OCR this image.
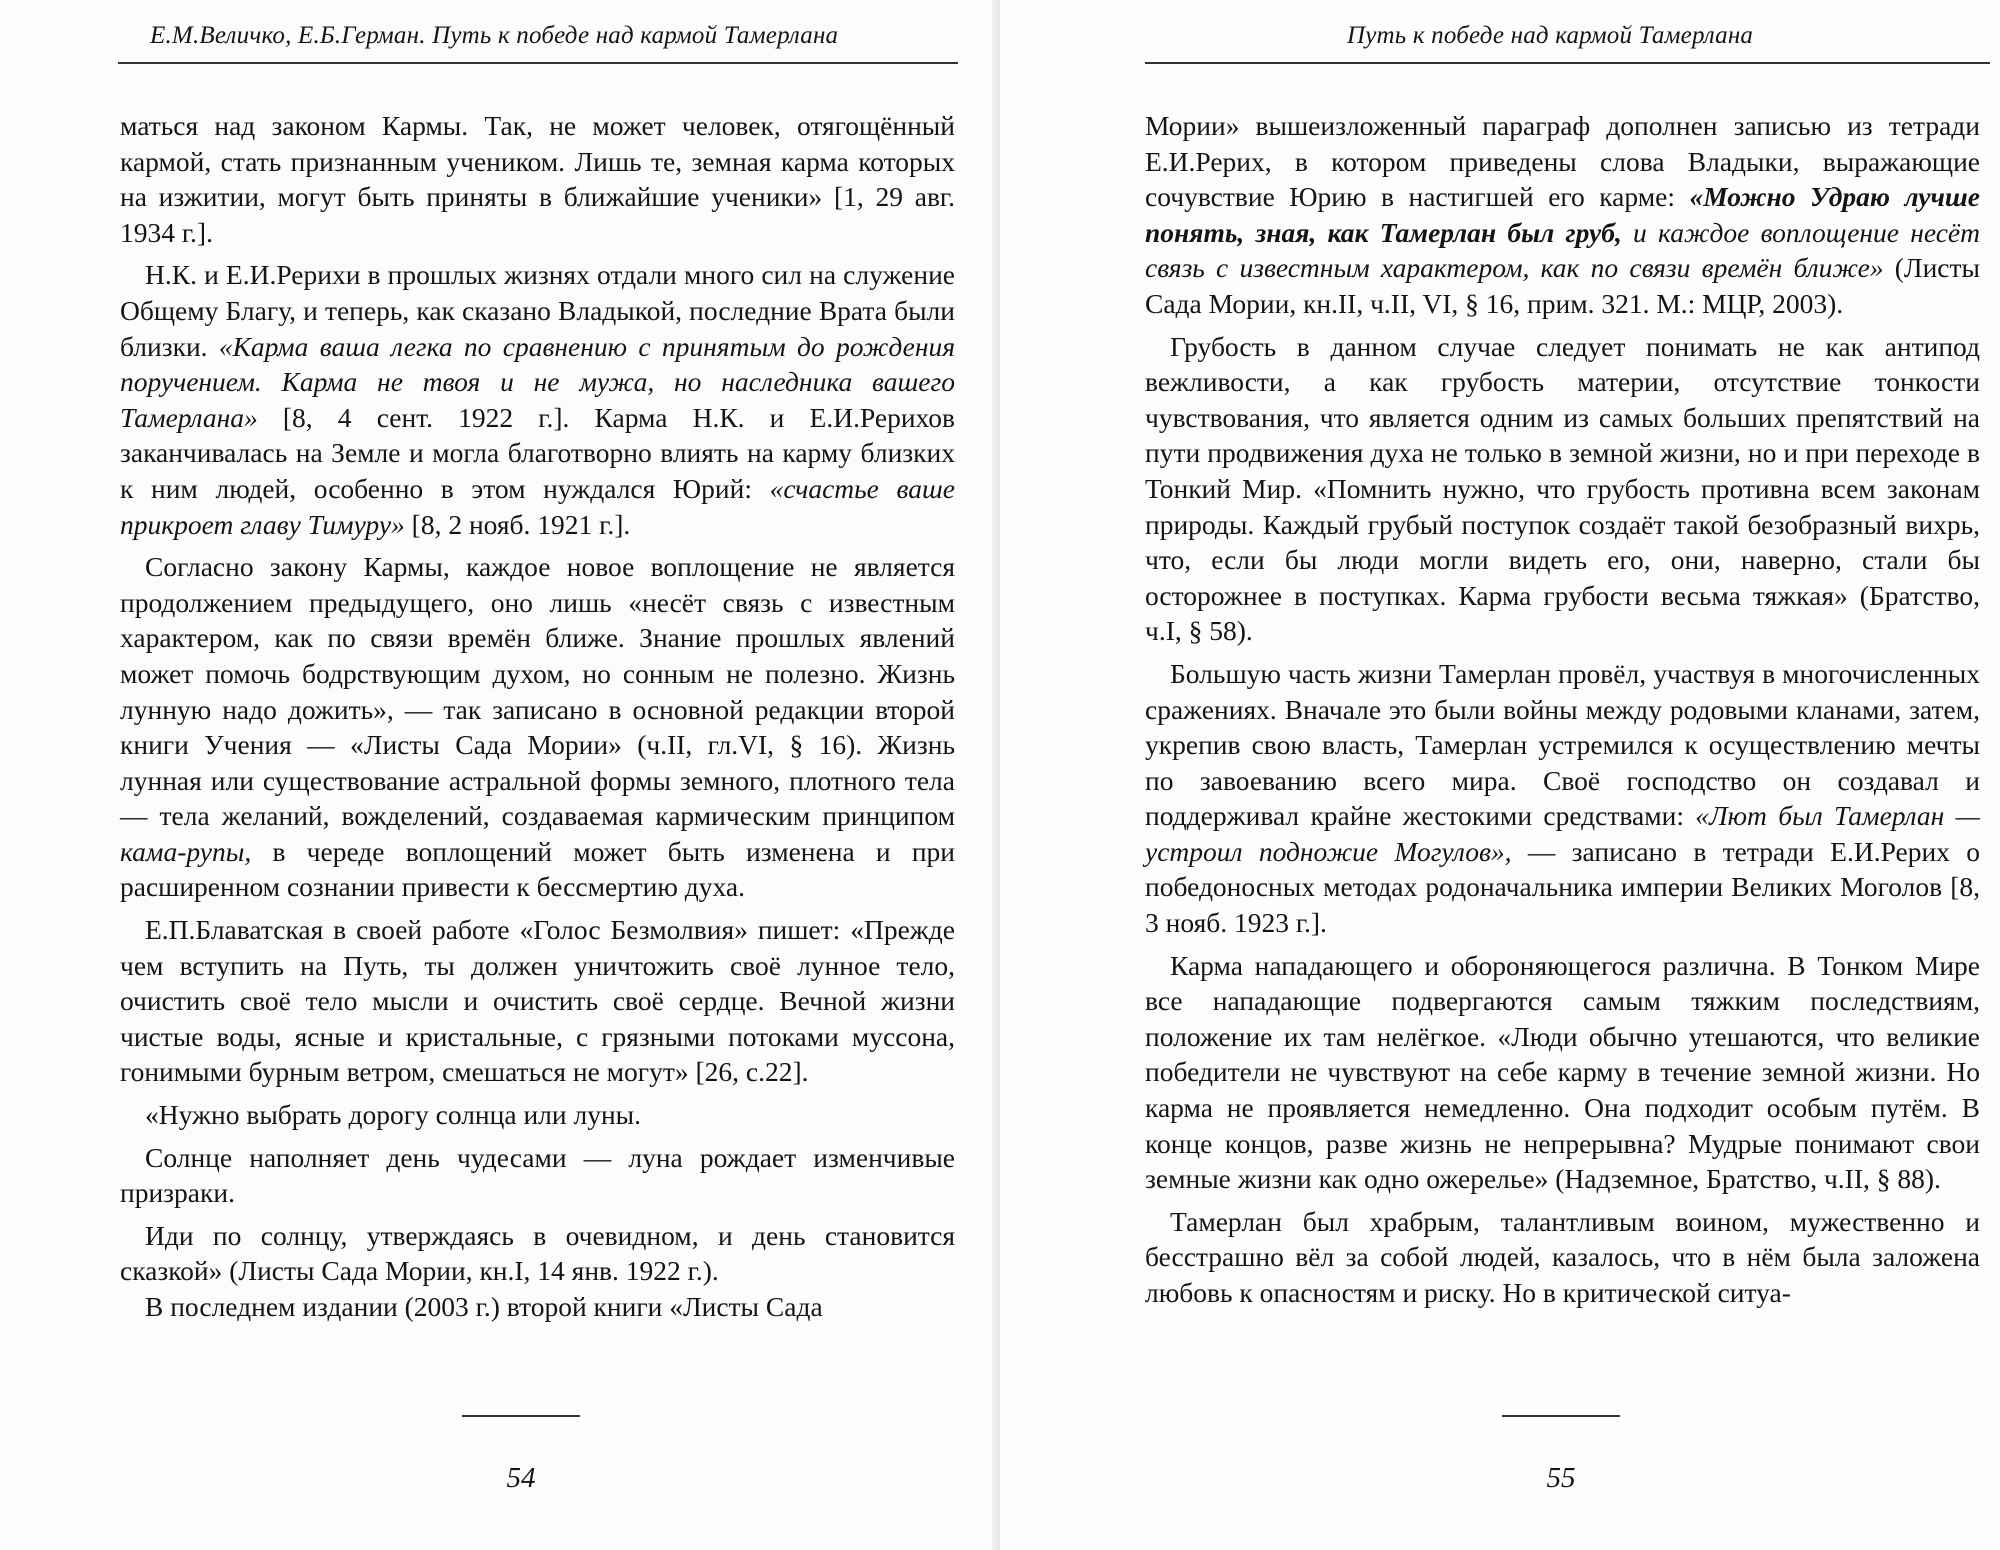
Е.М.Величко, Е.Б.Герман. Путь к победе над кармой Тамерлана

маться над законом Кармы. Так, не может человек, отягощённый кармой, стать признанным учеником. Лишь те, земная карма которых на изжитии, могут быть приняты в ближайшие ученики» [1, 29 авг. 1934 г.].

Н.К. и Е.И.Рерихи в прошлых жизнях отдали много сил на служение Общему Благу, и теперь, как сказано Владыкой, последние Врата были близки. «Карма ваша легка по сравнению с принятым до рождения поручением. Карма не твоя и не мужа, но наследника вашего Тамерлана» [8, 4 сент. 1922 г.]. Карма Н.К. и Е.И.Рерихов заканчивалась на Земле и могла благотворно влиять на карму близких к ним людей, особенно в этом нуждался Юрий: «счастье ваше прикроет главу Тимуру» [8, 2 нояб. 1921 г.].

Согласно закону Кармы, каждое новое воплощение не является продолжением предыдущего, оно лишь «несёт связь с известным характером, как по связи времён ближе. Знание прошлых явлений может помочь бодрствующим духом, но сонным не полезно. Жизнь лунную надо дожить», — так записано в основной редакции второй книги Учения — «Листы Сада Мории» (ч.II, гл.VI, § 16). Жизнь лунная или существование астральной формы земного, плотного тела — тела желаний, вожделений, создаваемая кармическим принципом кама-рупы, в череде воплощений может быть изменена и при расширенном сознании привести к бессмертию духа.

Е.П.Блаватская в своей работе «Голос Безмолвия» пишет: «Прежде чем вступить на Путь, ты должен уничтожить своё лунное тело, очистить своё тело мысли и очистить своё сердце. Вечной жизни чистые воды, ясные и кристальные, с грязными потоками муссона, гонимыми бурным ветром, смешаться не могут» [26, с.22].

«Нужно выбрать дорогу солнца или луны.

Солнце наполняет день чудесами — луна рождает изменчивые призраки.

Иди по солнцу, утверждаясь в очевидном, и день становится сказкой» (Листы Сада Мории, кн.I, 14 янв. 1922 г.).

В последнем издании (2003 г.) второй книги «Листы Сада

54
Путь к победе над кармой Тамерлана

Мории» вышеизложенный параграф дополнен записью из тетради Е.И.Рерих, в котором приведены слова Владыки, выражающие сочувствие Юрию в настигшей его карме: «Можно Удраю лучше понять, зная, как Тамерлан был груб, и каждое воплощение несёт связь с известным характером, как по связи времён ближе» (Листы Сада Мории, кн.II, ч.II, VI, § 16, прим. 321. М.: МЦР, 2003).

Грубость в данном случае следует понимать не как антипод вежливости, а как грубость материи, отсутствие тонкости чувствования, что является одним из самых больших препятствий на пути продвижения духа не только в земной жизни, но и при переходе в Тонкий Мир. «Помнить нужно, что грубость противна всем законам природы. Каждый грубый поступок создаёт такой безобразный вихрь, что, если бы люди могли видеть его, они, наверно, стали бы осторожнее в поступках. Карма грубости весьма тяжкая» (Братство, ч.I, § 58).

Большую часть жизни Тамерлан провёл, участвуя в многочисленных сражениях. Вначале это были войны между родовыми кланами, затем, укрепив свою власть, Тамерлан устремился к осуществлению мечты по завоеванию всего мира. Своё господство он создавал и поддерживал крайне жестокими средствами: «Лют был Тамерлан — устроил подножие Могулов», — записано в тетради Е.И.Рерих о победоносных методах родоначальника империи Великих Моголов [8, 3 нояб. 1923 г.].

Карма нападающего и обороняющегося различна. В Тонком Мире все нападающие подвергаются самым тяжким последствиям, положение их там нелёгкое. «Люди обычно утешаются, что великие победители не чувствуют на себе карму в течение земной жизни. Но карма не проявляется немедленно. Она подходит особым путём. В конце концов, разве жизнь не непрерывна? Мудрые понимают свои земные жизни как одно ожерелье» (Надземное, Братство, ч.II, § 88).

Тамерлан был храбрым, талантливым воином, мужественно и бесстрашно вёл за собой людей, казалось, что в нём была заложена любовь к опасностям и риску. Но в критической ситуа-

55
